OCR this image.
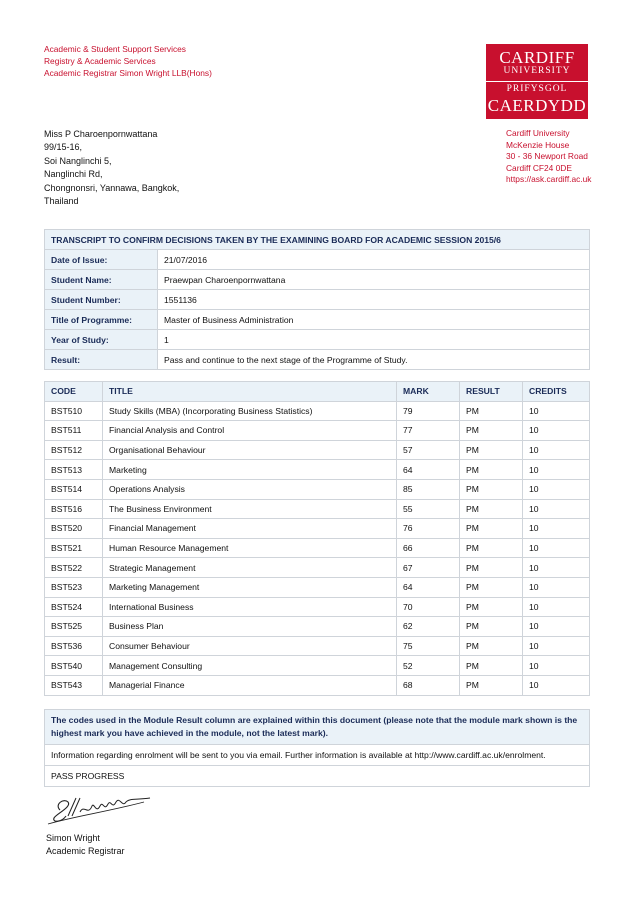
Academic & Student Support Services
Registry & Academic Services
Academic Registrar Simon Wright LLB(Hons)
CARDIFF
UNIVERSITY
PRIFYSGOL
CAERDYDD
Miss P Charoenpornwattana
99/15-16,
Soi Nanglinchi 5,
Nanglinchi Rd,
Chongnonsri, Yannawa, Bangkok,
Thailand
Cardiff University
McKenzie House
30 - 36 Newport Road
Cardiff CF24 0DE
https://ask.cardiff.ac.uk
TRANSCRIPT TO CONFIRM DECISIONS TAKEN BY THE EXAMINING BOARD FOR ACADEMIC SESSION 2015/6	
Date of Issue:	21/07/2016
Student Name:	Praewpan Charoenpornwattana
Student Number:	1551136
Title of Programme:	Master of Business Administration
Year of Study:	1
Result:	Pass and continue to the next stage of the Programme of Study.
CODE	TITLE	MARK	RESULT	CREDITS
BST510	Study Skills (MBA) (Incorporating Business Statistics)	79	PM	10
BST511	Financial Analysis and Control	77	PM	10
BST512	Organisational Behaviour	57	PM	10
BST513	Marketing	64	PM	10
BST514	Operations Analysis	85	PM	10
BST516	The Business Environment	55	PM	10
BST520	Financial Management	76	PM	10
BST521	Human Resource Management	66	PM	10
BST522	Strategic Management	67	PM	10
BST523	Marketing Management	64	PM	10
BST524	International Business	70	PM	10
BST525	Business Plan	62	PM	10
BST536	Consumer Behaviour	75	PM	10
BST540	Management Consulting	52	PM	10
BST543	Managerial Finance	68	PM	10
The codes used in the Module Result column are explained within this document (please note that the module mark shown is the highest mark you have achieved in the module, not the latest mark).
Information regarding enrolment will be sent to you via email. Further information is available at http://www.cardiff.ac.uk/enrolment.
PASS PROGRESS
Simon Wright
Academic Registrar
